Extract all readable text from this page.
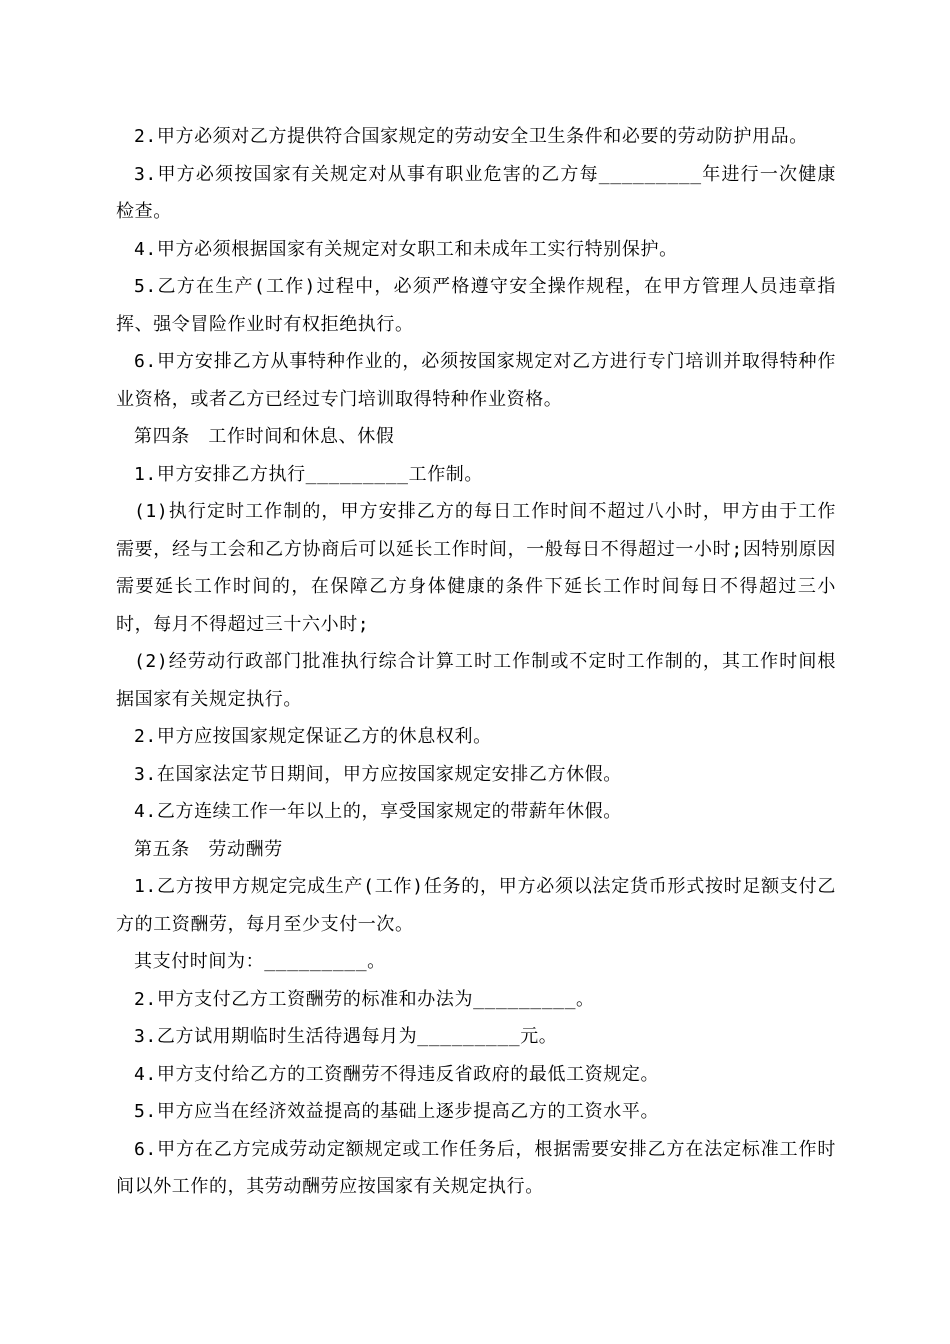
2.甲方必须对乙方提供符合国家规定的劳动安全卫生条件和必要的劳动防护用品。

3.甲方必须按国家有关规定对从事有职业危害的乙方每_________年进行一次健康检查。

4.甲方必须根据国家有关规定对女职工和未成年工实行特别保护。

5.乙方在生产(工作)过程中，必须严格遵守安全操作规程，在甲方管理人员违章指挥、强令冒险作业时有权拒绝执行。

6.甲方安排乙方从事特种作业的，必须按国家规定对乙方进行专门培训并取得特种作业资格，或者乙方已经过专门培训取得特种作业资格。

第四条　工作时间和休息、休假

1.甲方安排乙方执行_________工作制。

(1)执行定时工作制的，甲方安排乙方的每日工作时间不超过八小时，甲方由于工作需要，经与工会和乙方协商后可以延长工作时间，一般每日不得超过一小时;因特别原因需要延长工作时间的，在保障乙方身体健康的条件下延长工作时间每日不得超过三小时，每月不得超过三十六小时;

(2)经劳动行政部门批准执行综合计算工时工作制或不定时工作制的，其工作时间根据国家有关规定执行。

2.甲方应按国家规定保证乙方的休息权利。

3.在国家法定节日期间，甲方应按国家规定安排乙方休假。

4.乙方连续工作一年以上的，享受国家规定的带薪年休假。

第五条　劳动酬劳

1.乙方按甲方规定完成生产(工作)任务的，甲方必须以法定货币形式按时足额支付乙方的工资酬劳，每月至少支付一次。

其支付时间为：_________。

2.甲方支付乙方工资酬劳的标准和办法为_________。

3.乙方试用期临时生活待遇每月为_________元。

4.甲方支付给乙方的工资酬劳不得违反省政府的最低工资规定。

5.甲方应当在经济效益提高的基础上逐步提高乙方的工资水平。

6.甲方在乙方完成劳动定额规定或工作任务后，根据需要安排乙方在法定标准工作时间以外工作的，其劳动酬劳应按国家有关规定执行。
